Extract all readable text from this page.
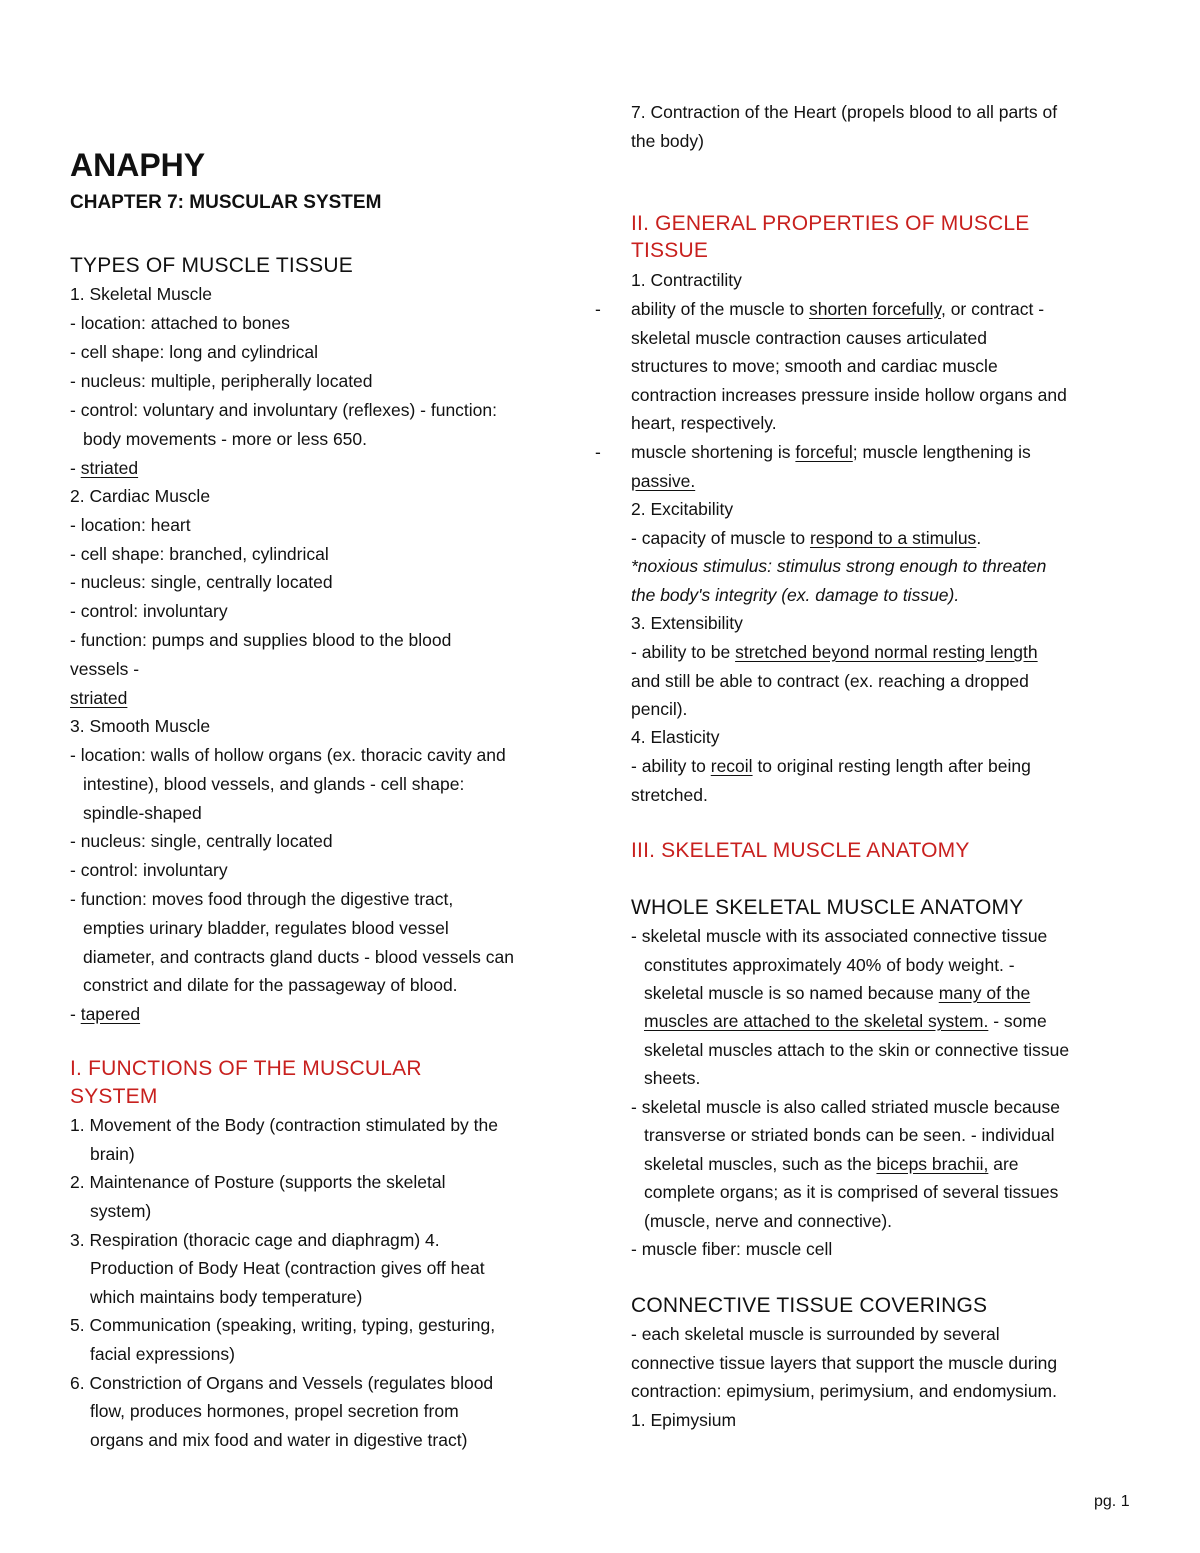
ANAPHY
CHAPTER 7: MUSCULAR SYSTEM
TYPES OF MUSCLE TISSUE
1. Skeletal Muscle
- location: attached to bones
- cell shape: long and cylindrical
- nucleus: multiple, peripherally located
- control: voluntary and involuntary (reflexes) - function:
body movements - more or less 650.
- striated
2. Cardiac Muscle
- location: heart
- cell shape: branched, cylindrical
- nucleus: single, centrally located
- control: involuntary
- function: pumps and supplies blood to the blood
vessels -
striated
3. Smooth Muscle
- location: walls of hollow organs (ex. thoracic cavity and
intestine), blood vessels, and glands - cell shape:
spindle-shaped
- nucleus: single, centrally located
- control: involuntary
- function: moves food through the digestive tract,
empties urinary bladder, regulates blood vessel
diameter, and contracts gland ducts - blood vessels can
constrict and dilate for the passageway of blood.
- tapered
I. FUNCTIONS OF THE MUSCULAR
SYSTEM
1. Movement of the Body (contraction stimulated by the
brain)
2. Maintenance of Posture (supports the skeletal
system)
3. Respiration (thoracic cage and diaphragm) 4.
Production of Body Heat (contraction gives off heat
which maintains body temperature)
5. Communication (speaking, writing, typing, gesturing,
facial expressions)
6. Constriction of Organs and Vessels (regulates blood
flow, produces hormones, propel secretion from
organs and mix food and water in digestive tract)
7. Contraction of the Heart (propels blood to all parts of
the body)
II. GENERAL PROPERTIES OF MUSCLE
TISSUE
1. Contractility
- ability of the muscle to shorten forcefully, or contract -
skeletal muscle contraction causes articulated
structures to move; smooth and cardiac muscle
contraction increases pressure inside hollow organs and
heart, respectively.
- muscle shortening is forceful; muscle lengthening is
passive.
2. Excitability
- capacity of muscle to respond to a stimulus.
*noxious stimulus: stimulus strong enough to threaten
the body's integrity (ex. damage to tissue).
3. Extensibility
- ability to be stretched beyond normal resting length
and still be able to contract (ex. reaching a dropped
pencil).
4. Elasticity
- ability to recoil to original resting length after being
stretched.
III. SKELETAL MUSCLE ANATOMY
WHOLE SKELETAL MUSCLE ANATOMY
- skeletal muscle with its associated connective tissue
constitutes approximately 40% of body weight. -
skeletal muscle is so named because many of the
muscles are attached to the skeletal system. - some
skeletal muscles attach to the skin or connective tissue
sheets.
- skeletal muscle is also called striated muscle because
transverse or striated bonds can be seen. - individual
skeletal muscles, such as the biceps brachii, are
complete organs; as it is comprised of several tissues
(muscle, nerve and connective).
- muscle fiber: muscle cell
CONNECTIVE TISSUE COVERINGS
- each skeletal muscle is surrounded by several
connective tissue layers that support the muscle during
contraction: epimysium, perimysium, and endomysium.
1. Epimysium
pg. 1
